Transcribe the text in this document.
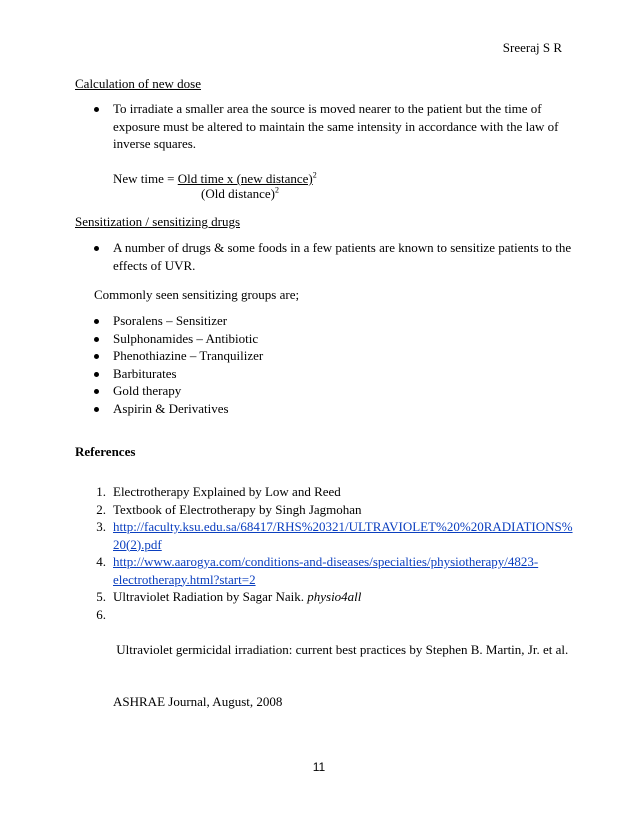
Sreeraj S R
Calculation of new dose
To irradiate a smaller area the source is moved nearer to the patient but the time of
exposure must be altered to maintain the same intensity in accordance with the law of
inverse squares.
New time = Old time x (new distance)$^2$
(Old distance)$^2$
Sensitization / sensitizing drugs
A number of drugs & some foods in a few patients are known to sensitize patients to the
effects of UVR.
Commonly seen sensitizing groups are;
Psoralens – Sensitizer
Sulphonamides – Antibiotic
Phenothiazine – Tranquilizer
Barbiturates
Gold therapy
Aspirin & Derivatives
References
1. Electrotherapy Explained by Low and Reed
2. Textbook of Electrotherapy by Singh Jagmohan
3. http://faculty.ksu.edu.sa/68417/RHS%20321/ULTRAVIOLET%20%20RADIATIONS%
20(2).pdf
4. http://www.aarogya.com/conditions-and-diseases/specialties/physiotherapy/4823-
electrotherapy.html?start=2
5. Ultraviolet Radiation by Sagar Naik. physio4all
6.

Ultraviolet germicidal irradiation: current best practices by Stephen B. Martin, Jr. et al.

ASHRAE Journal, August, 2008

11
